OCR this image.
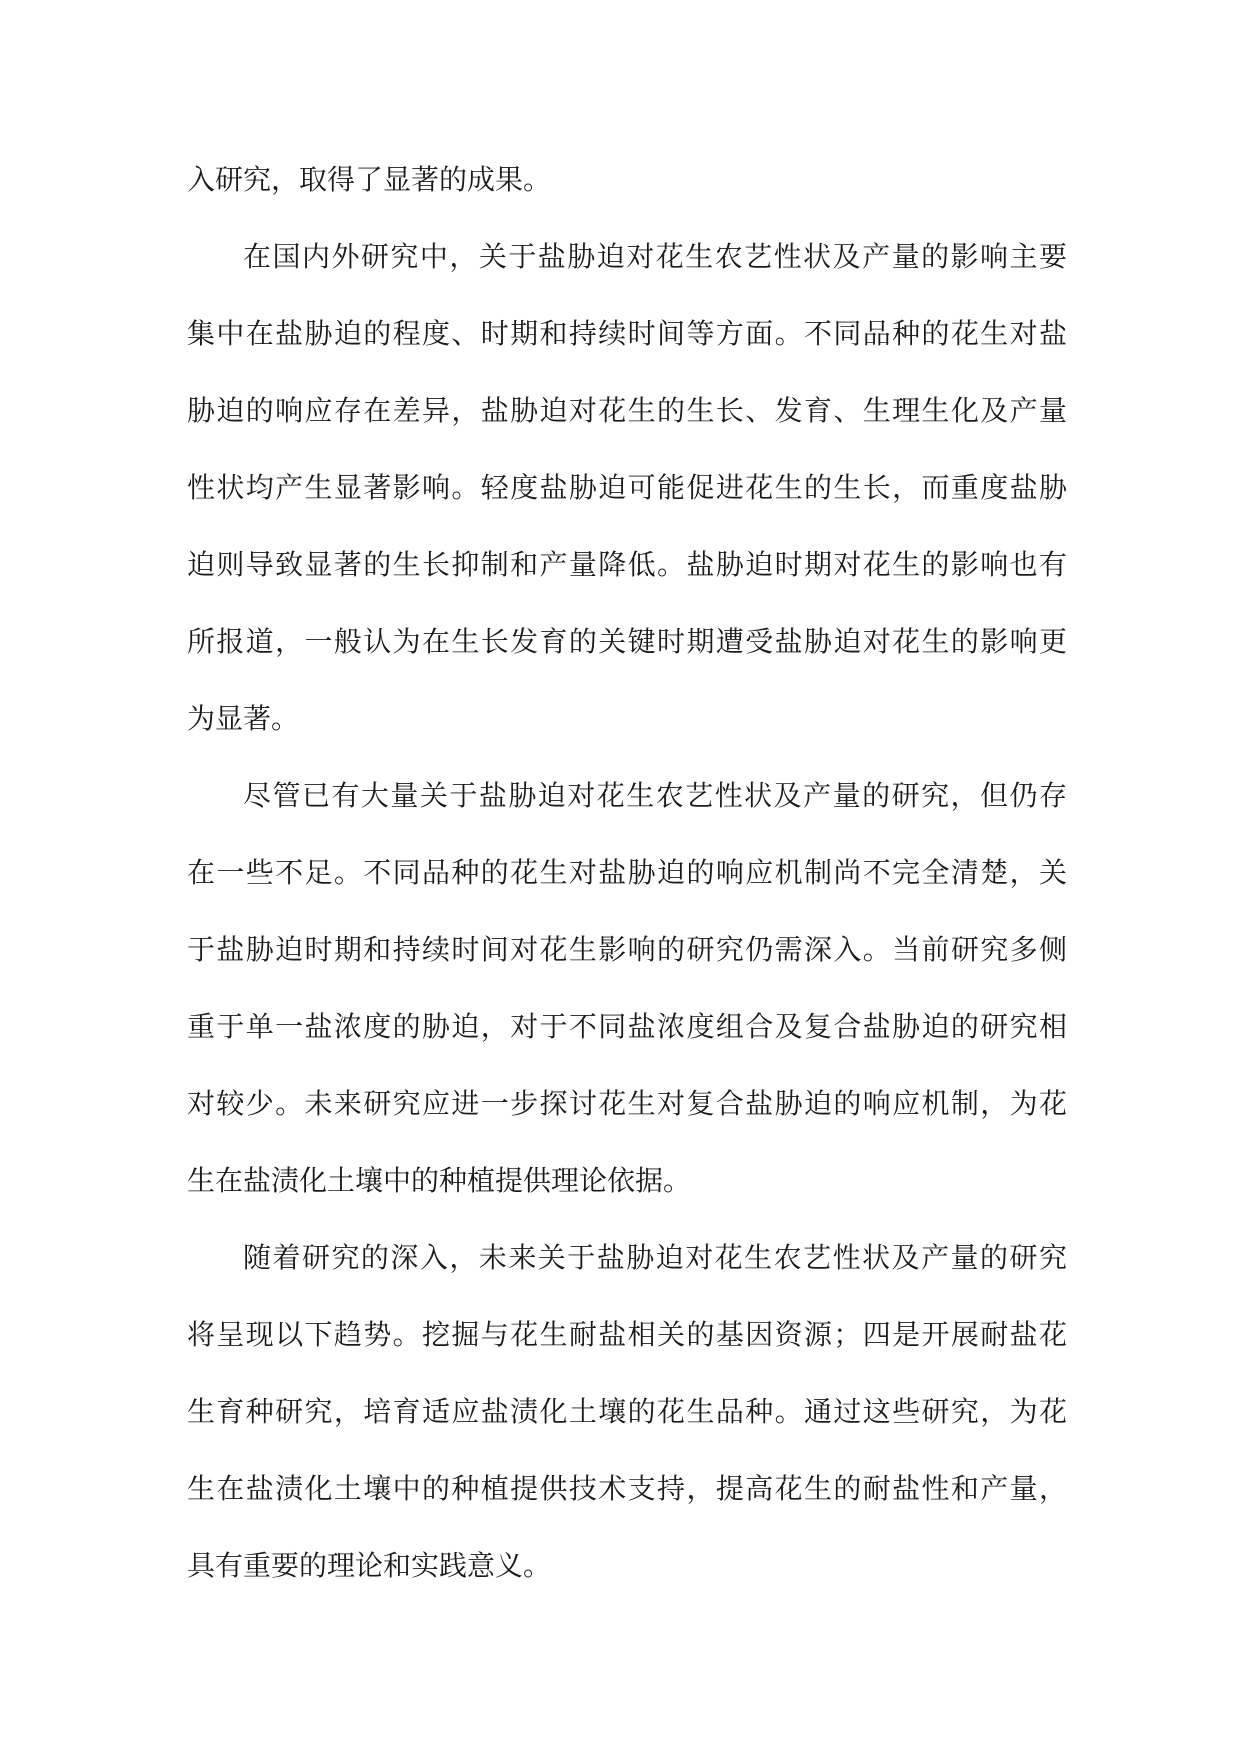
入研究，取得了显著的成果。
在国内外研究中，关于盐胁迫对花生农艺性状及产量的影响主要
集中在盐胁迫的程度、时期和持续时间等方面。不同品种的花生对盐
胁迫的响应存在差异，盐胁迫对花生的生长、发育、生理生化及产量
性状均产生显著影响。轻度盐胁迫可能促进花生的生长，而重度盐胁
迫则导致显著的生长抑制和产量降低。盐胁迫时期对花生的影响也有
所报道，一般认为在生长发育的关键时期遭受盐胁迫对花生的影响更
为显著。
尽管已有大量关于盐胁迫对花生农艺性状及产量的研究，但仍存
在一些不足。不同品种的花生对盐胁迫的响应机制尚不完全清楚，关
于盐胁迫时期和持续时间对花生影响的研究仍需深入。当前研究多侧
重于单一盐浓度的胁迫，对于不同盐浓度组合及复合盐胁迫的研究相
对较少。未来研究应进一步探讨花生对复合盐胁迫的响应机制，为花
生在盐渍化土壤中的种植提供理论依据。
随着研究的深入，未来关于盐胁迫对花生农艺性状及产量的研究
将呈现以下趋势。挖掘与花生耐盐相关的基因资源；四是开展耐盐花
生育种研究，培育适应盐渍化土壤的花生品种。通过这些研究，为花
生在盐渍化土壤中的种植提供技术支持，提高花生的耐盐性和产量，
具有重要的理论和实践意义。
